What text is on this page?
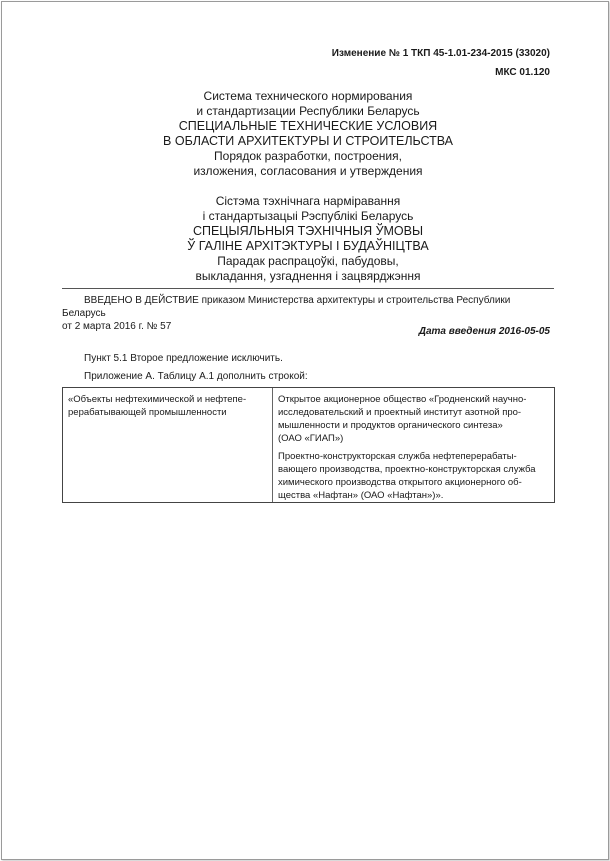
Изменение № 1 ТКП 45-1.01-234-2015 (33020)
МКС 01.120
Система технического нормирования
и стандартизации Республики Беларусь
СПЕЦИАЛЬНЫЕ ТЕХНИЧЕСКИЕ УСЛОВИЯ
В ОБЛАСТИ АРХИТЕКТУРЫ И СТРОИТЕЛЬСТВА
Порядок разработки, построения,
изложения, согласования и утверждения
Сістэма тэхнічнага нарміравання
і стандартызацыі Рэспублікі Беларусь
СПЕЦЫЯЛЬНЫЯ ТЭХНІЧНЫЯ ЎМОВЫ
Ў ГАЛІНЕ АРХІТЭКТУРЫ І БУДАЎНІЦТВА
Парадак распрацоўкі, пабудовы,
выкладання, узгаднення і зацвярджэння
ВВЕДЕНО В ДЕЙСТВИЕ приказом Министерства архитектуры и строительства Республики Беларусь
от 2 марта 2016 г. № 57	Дата введения 2016-05-05
Пункт 5.1 Второе предложение исключить.
Приложение А. Таблицу А.1 дополнить строкой:
«Объекты нефтехимической и нефтепе-
рерабатывающей промышленности
Открытое акционерное общество «Гродненский научно-
исследовательский и проектный институт азотной про-
мышленности и продуктов органического синтеза»
(ОАО «ГИАП»)
Проектно-конструкторская служба нефтеперерабаты-
вающего производства, проектно-конструкторская служба
химического производства открытого акционерного об-
щества «Нафтан» (ОАО «Нафтан»)».
